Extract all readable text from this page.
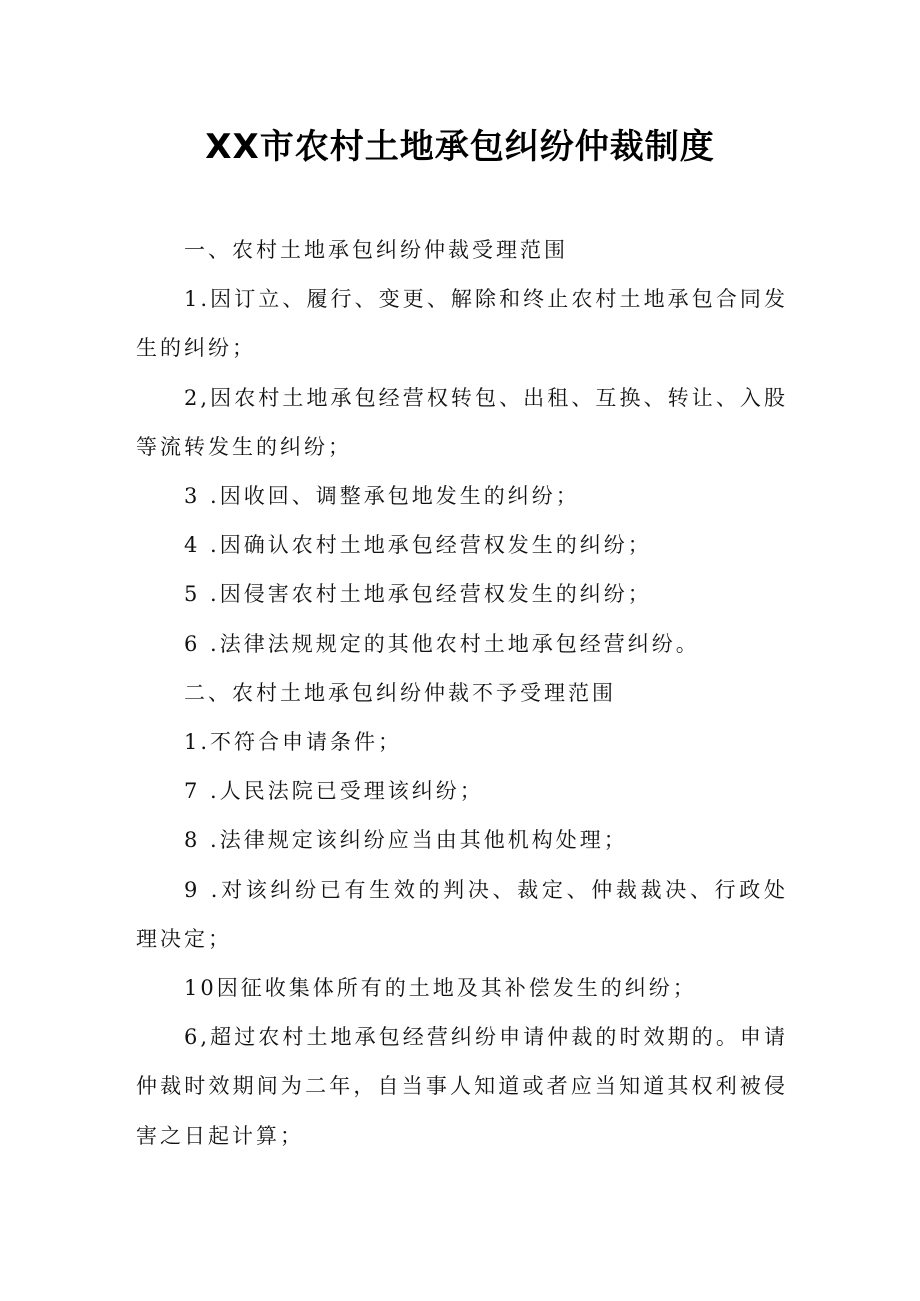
XX市农村土地承包纠纷仲裁制度

一、农村土地承包纠纷仲裁受理范围

1.因订立、履行、变更、解除和终止农村土地承包合同发生的纠纷；

2,因农村土地承包经营权转包、出租、互换、转让、入股等流转发生的纠纷；

3 .因收回、调整承包地发生的纠纷；

4 .因确认农村土地承包经营权发生的纠纷；

5 .因侵害农村土地承包经营权发生的纠纷；

6 .法律法规规定的其他农村土地承包经营纠纷。

二、农村土地承包纠纷仲裁不予受理范围

1.不符合申请条件；

7 .人民法院已受理该纠纷；

8 .法律规定该纠纷应当由其他机构处理；

9 .对该纠纷已有生效的判决、裁定、仲裁裁决、行政处理决定；

10因征收集体所有的土地及其补偿发生的纠纷；

6,超过农村土地承包经营纠纷申请仲裁的时效期的。申请仲裁时效期间为二年，自当事人知道或者应当知道其权利被侵害之日起计算；
